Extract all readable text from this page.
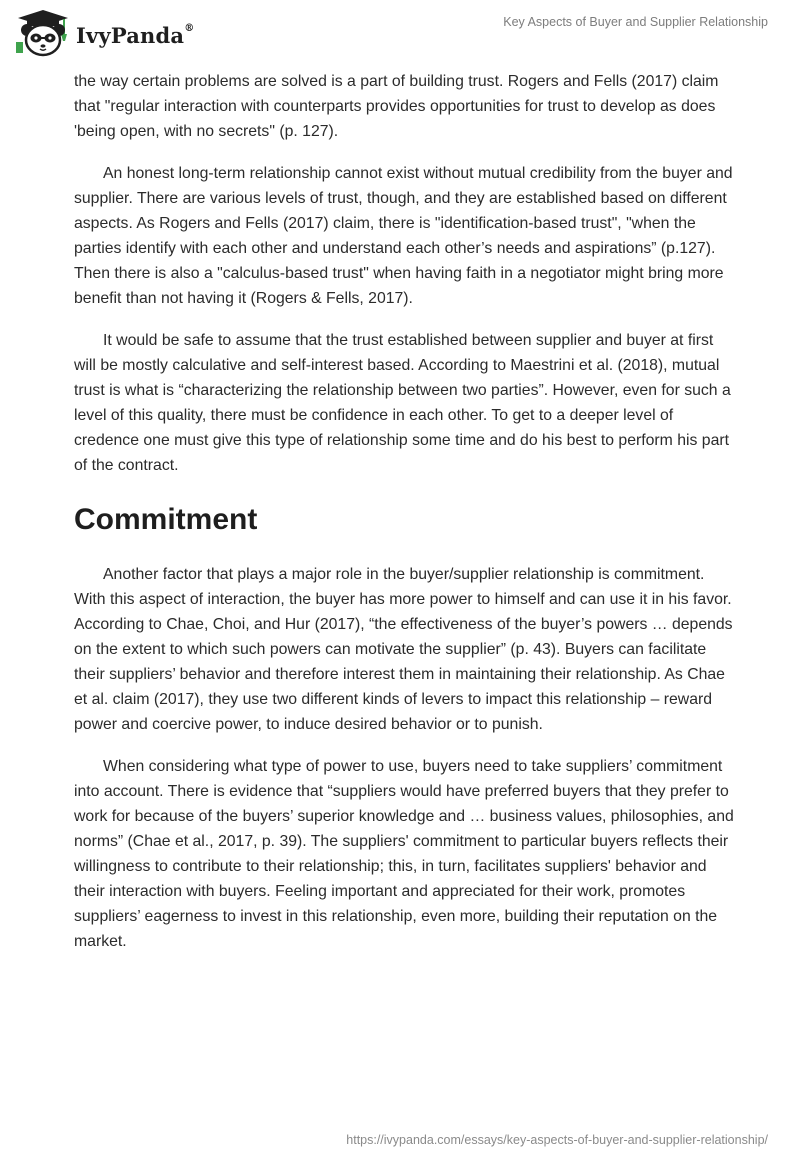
IvyPanda®	Key Aspects of Buyer and Supplier Relationship

the way certain problems are solved is a part of building trust. Rogers and Fells (2017) claim that "regular interaction with counterparts provides opportunities for trust to develop as does 'being open, with no secrets" (p. 127).

An honest long-term relationship cannot exist without mutual credibility from the buyer and supplier. There are various levels of trust, though, and they are established based on different aspects. As Rogers and Fells (2017) claim, there is "identification-based trust", "when the parties identify with each other and understand each other’s needs and aspirations” (p.127). Then there is also a "calculus-based trust" when having faith in a negotiator might bring more benefit than not having it (Rogers & Fells, 2017).

It would be safe to assume that the trust established between supplier and buyer at first will be mostly calculative and self-interest based. According to Maestrini et al. (2018), mutual trust is what is “characterizing the relationship between two parties”. However, even for such a level of this quality, there must be confidence in each other. To get to a deeper level of credence one must give this type of relationship some time and do his best to perform his part of the contract.

Commitment

Another factor that plays a major role in the buyer/supplier relationship is commitment. With this aspect of interaction, the buyer has more power to himself and can use it in his favor. According to Chae, Choi, and Hur (2017), “the effectiveness of the buyer’s powers … depends on the extent to which such powers can motivate the supplier” (p. 43). Buyers can facilitate their suppliers’ behavior and therefore interest them in maintaining their relationship. As Chae et al. claim (2017), they use two different kinds of levers to impact this relationship – reward power and coercive power, to induce desired behavior or to punish.

When considering what type of power to use, buyers need to take suppliers’ commitment into account. There is evidence that “suppliers would have preferred buyers that they prefer to work for because of the buyers’ superior knowledge and … business values, philosophies, and norms” (Chae et al., 2017, p. 39). The suppliers' commitment to particular buyers reflects their willingness to contribute to their relationship; this, in turn, facilitates suppliers' behavior and their interaction with buyers. Feeling important and appreciated for their work, promotes suppliers’ eagerness to invest in this relationship, even more, building their reputation on the market.

https://ivypanda.com/essays/key-aspects-of-buyer-and-supplier-relationship/
